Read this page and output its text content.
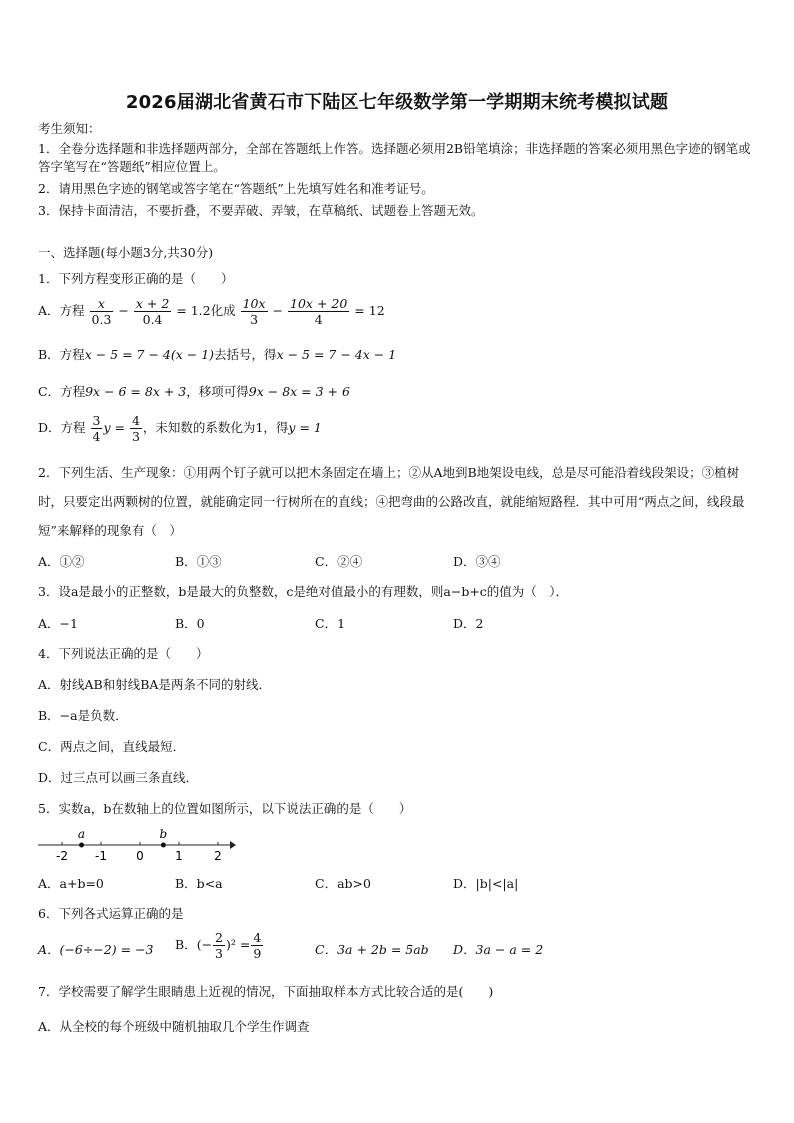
2026届湖北省黄石市下陆区七年级数学第一学期期末统考模拟试题
考生须知：
1．全卷分选择题和非选择题两部分，全部在答题纸上作答。选择题必须用2B铅笔填涂；非选择题的答案必须用黑色字迹的钢笔或答字笔写在“答题纸”相应位置上。
2．请用黑色字迹的钢笔或答字笔在“答题纸”上先填写姓名和准考证号。
3．保持卡面清洁，不要折叠，不要弄破、弄皱，在草稿纸、试题卷上答题无效。
一、选择题(每小题3分,共30分)
1．下列方程变形正确的是（　　）
A．方程 $\frac{x}{0.3} - \frac{x + 2}{0.4} = 1.2$化成 $\frac{10x}{3} - \frac{10x + 20}{4} = 12$
B．方程x − 5 = 7 − 4(x − 1)去括号，得x − 5 = 7 − 4x − 1
C．方程9x − 6 = 8x + 3，移项可得9x − 8x = 3 + 6
D．方程 $\frac{3}{4}$ $y = \frac{4}{3}$ ，未知数的系数化为1，得y = 1
2．下列生活、生产现象：①用两个钉子就可以把木条固定在墙上；②从A地到B地架设电线，总是尽可能沿着线段架设；③植树时，只要定出两颗树的位置，就能确定同一行树所在的直线；④把弯曲的公路改直，就能缩短路程．其中可用“两点之间，线段最短”来解释的现象有（　）
A．①②	B．①③	C．②④	D．③④
3．设a是最小的正整数，b是最大的负整数，c是绝对值最小的有理数，则a−b+c的值为（　）．
A．−1	B．0	C．1	D．2
4．下列说法正确的是（　　）
A．射线AB和射线BA是两条不同的射线．
B．−a是负数．
C．两点之间，直线最短．
D．过三点可以画三条直线．
5．实数a，b在数轴上的位置如图所示，以下说法正确的是（　　）
-2 -1 0	1	2
a	b
A．a+b=0	B．b<a	C．ab>0	D．|b|<|a|
6．下列各式运算正确的是
A．(−6÷−2) = −3 B．(− $\frac{2}{3} )^2 = \frac{4}{9}$	C．3a + 2b = 5ab D．3a − a = 2
7．学校需要了解学生眼睛患上近视的情况，下面抽取样本方式比较合适的是(　　)
A．从全校的每个班级中随机抽取几个学生作调查
